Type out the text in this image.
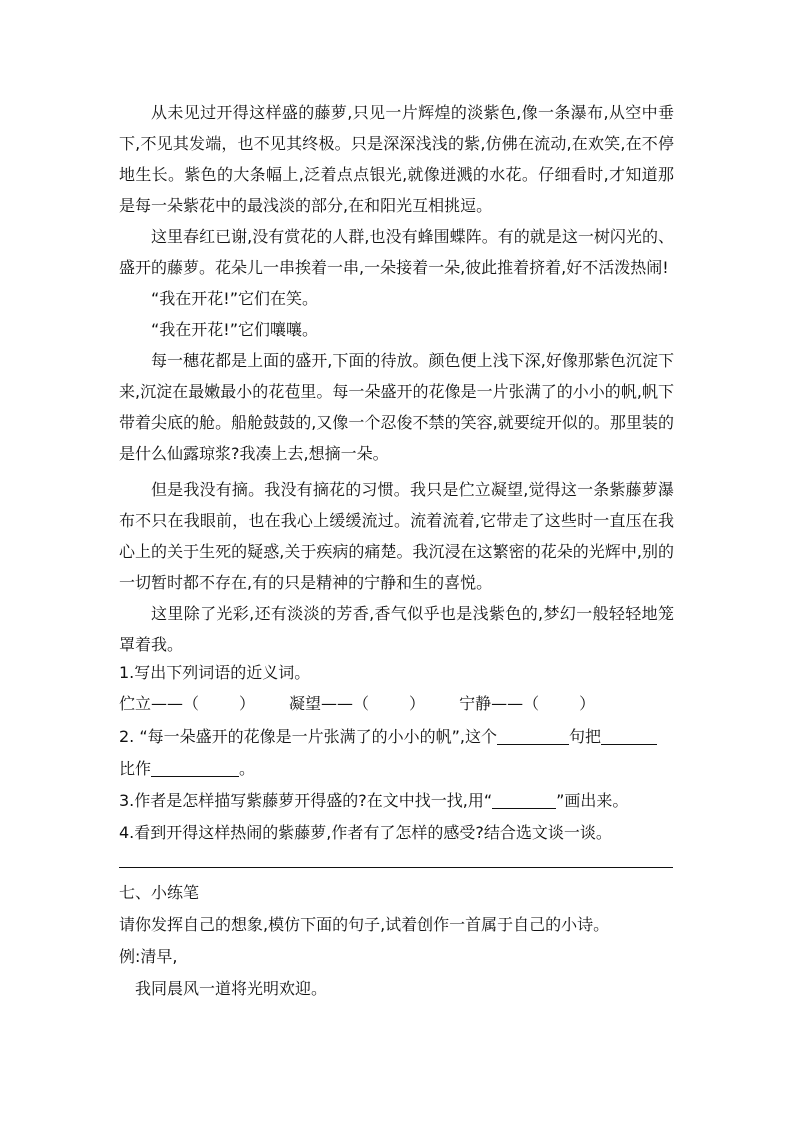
从未见过开得这样盛的藤萝,只见一片辉煌的淡紫色,像一条瀑布,从空中垂下,不见其发端，也不见其终极。只是深深浅浅的紫,仿佛在流动,在欢笑,在不停地生长。紫色的大条幅上,泛着点点银光,就像迸溅的水花。仔细看时,才知道那是每一朵紫花中的最浅淡的部分,在和阳光互相挑逗。

这里春红已谢,没有赏花的人群,也没有蜂围蝶阵。有的就是这一树闪光的、盛开的藤萝。花朵儿一串挨着一串,一朵接着一朵,彼此推着挤着,好不活泼热闹!

“我在开花!”它们在笑。

“我在开花!”它们嚷嚷。

每一穗花都是上面的盛开,下面的待放。颜色便上浅下深,好像那紫色沉淀下来,沉淀在最嫩最小的花苞里。每一朵盛开的花像是一片张满了的小小的帆,帆下带着尖底的舱。船舱鼓鼓的,又像一个忍俊不禁的笑容,就要绽开似的。那里装的是什么仙露琼浆?我凑上去,想摘一朵。

但是我没有摘。我没有摘花的习惯。我只是伫立凝望,觉得这一条紫藤萝瀑布不只在我眼前，也在我心上缓缓流过。流着流着,它带走了这些时一直压在我心上的关于生死的疑惑,关于疾病的痛楚。我沉浸在这繁密的花朵的光辉中,别的一切暂时都不存在,有的只是精神的宁静和生的喜悦。

这里除了光彩,还有淡淡的芳香,香气似乎也是浅紫色的,梦幻一般轻轻地笼罩着我。

1.写出下列词语的近义词。
伫立——（	） 凝望——（	） 宁静——（	）
2. “每一朵盛开的花像是一片张满了的小小的帆”,这个	句把
比作	。
3.作者是怎样描写紫藤萝开得盛的?在文中找一找,用“	”画出来。
4.看到开得这样热闹的紫藤萝,作者有了怎样的感受?结合选文谈一谈。
七、小练笔
请你发挥自己的想象,模仿下面的句子,试着创作一首属于自己的小诗。
例:清早,
我同晨风一道将光明欢迎。
